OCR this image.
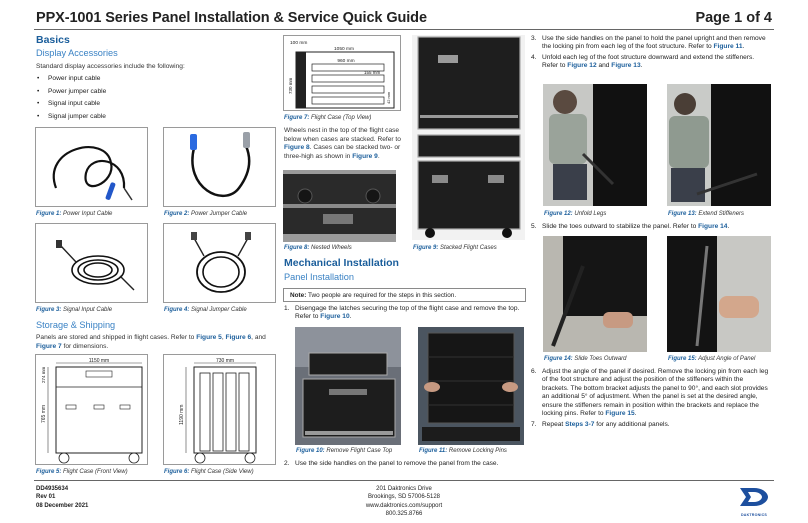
PPX-1001 Series Panel Installation & Service Quick Guide	Page 1 of 4
Basics
Display Accessories
Standard display accessories include the following:
• Power input cable
• Power jumper cable
• Signal input cable
• Signal jumper cable
Figure 1: Power Input Cable	Figure 2: Power Jumper Cable
Figure 3: Signal Input Cable	Figure 4: Signal Jumper Cable
Storage & Shipping
Panels are stored and shipped in flight cases. Refer to Figure 5, Figure 6, and Figure 7 for dimensions.
1150 mm
765 mm
274 mm
Figure 5: Flight Case (Front View)
730 mm
1190 mm
Figure 6: Flight Case (Side View)
100 mm
1050 mm
960 mm
155 mm
730 mm
42 mm
Figure 7: Flight Case (Top View)
Wheels nest in the top of the flight case below when cases are stacked. Refer to Figure 8. Cases can be stacked two- or three-high as shown in Figure 9.
Figure 8: Nested Wheels	Figure 9: Stacked Flight Cases
Mechanical Installation
Panel Installation
Note: Two people are required for the steps in this section.
1. Disengage the latches securing the top of the flight case and remove the top. Refer to Figure 10.
Figure 10: Remove Flight Case Top	Figure 11: Remove Locking Pins
2. Use the side handles on the panel to remove the panel from the case.
3. Use the side handles on the panel to hold the panel upright and then remove the locking pin from each leg of the foot structure. Refer to Figure 11.
4. Unfold each leg of the foot structure downward and extend the stiffeners. Refer to Figure 12 and Figure 13.
Figure 12: Unfold Legs	Figure 13: Extend Stiffeners
5. Slide the toes outward to stabilize the panel. Refer to Figure 14.
Figure 14: Slide Toes Outward	Figure 15: Adjust Angle of Panel
6. Adjust the angle of the panel if desired. Remove the locking pin from each leg of the foot structure and adjust the position of the stiffeners within the brackets. The bottom bracket adjusts the panel to 90°, and each slot provides an additional 5° of adjustment. When the panel is set at the desired angle, ensure the stiffeners remain in position within the brackets and replace the locking pins. Refer to Figure 15.
7. Repeat Steps 3-7 for any additional panels.
DD4935634
Rev 01
08 December 2021
201 Daktronics Drive
Brookings, SD 57006-5128
www.daktronics.com/support
800.325.8766	DAKTRONICS
